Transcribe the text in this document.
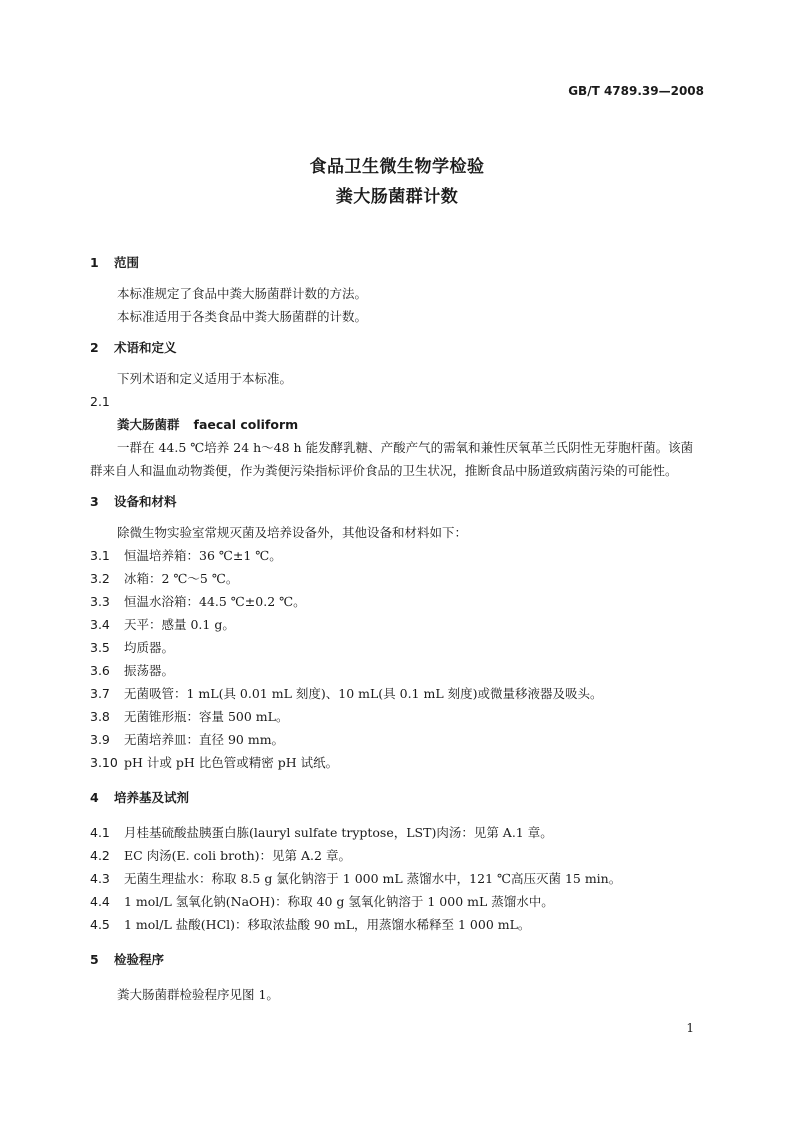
GB/T 4789.39—2008
食品卫生微生物学检验
粪大肠菌群计数
1 范围
本标准规定了食品中粪大肠菌群计数的方法。
本标准适用于各类食品中粪大肠菌群的计数。
2 术语和定义
下列术语和定义适用于本标准。
2.1
粪大肠菌群 faecal coliform
一群在 44.5 ℃培养 24 h～48 h 能发酵乳糖、产酸产气的需氧和兼性厌氧革兰氏阴性无芽胞杆菌。该菌群来自人和温血动物粪便，作为粪便污染指标评价食品的卫生状况，推断食品中肠道致病菌污染的可能性。
3 设备和材料
除微生物实验室常规灭菌及培养设备外，其他设备和材料如下：
3.1 恒温培养箱：36 ℃±1 ℃。
3.2 冰箱：2 ℃～5 ℃。
3.3 恒温水浴箱：44.5 ℃±0.2 ℃。
3.4 天平：感量 0.1 g。
3.5 均质器。
3.6 振荡器。
3.7 无菌吸管：1 mL(具 0.01 mL 刻度)、10 mL(具 0.1 mL 刻度)或微量移液器及吸头。
3.8 无菌锥形瓶：容量 500 mL。
3.9 无菌培养皿：直径 90 mm。
3.10 pH 计或 pH 比色管或精密 pH 试纸。
4 培养基及试剂
4.1 月桂基硫酸盐胰蛋白胨(lauryl sulfate tryptose，LST)肉汤：见第 A.1 章。
4.2 EC 肉汤(E. coli broth)：见第 A.2 章。
4.3 无菌生理盐水：称取 8.5 g 氯化钠溶于 1 000 mL 蒸馏水中，121 ℃高压灭菌 15 min。
4.4 1 mol/L 氢氧化钠(NaOH)：称取 40 g 氢氧化钠溶于 1 000 mL 蒸馏水中。
4.5 1 mol/L 盐酸(HCl)：移取浓盐酸 90 mL，用蒸馏水稀释至 1 000 mL。
5 检验程序
粪大肠菌群检验程序见图 1。
1
